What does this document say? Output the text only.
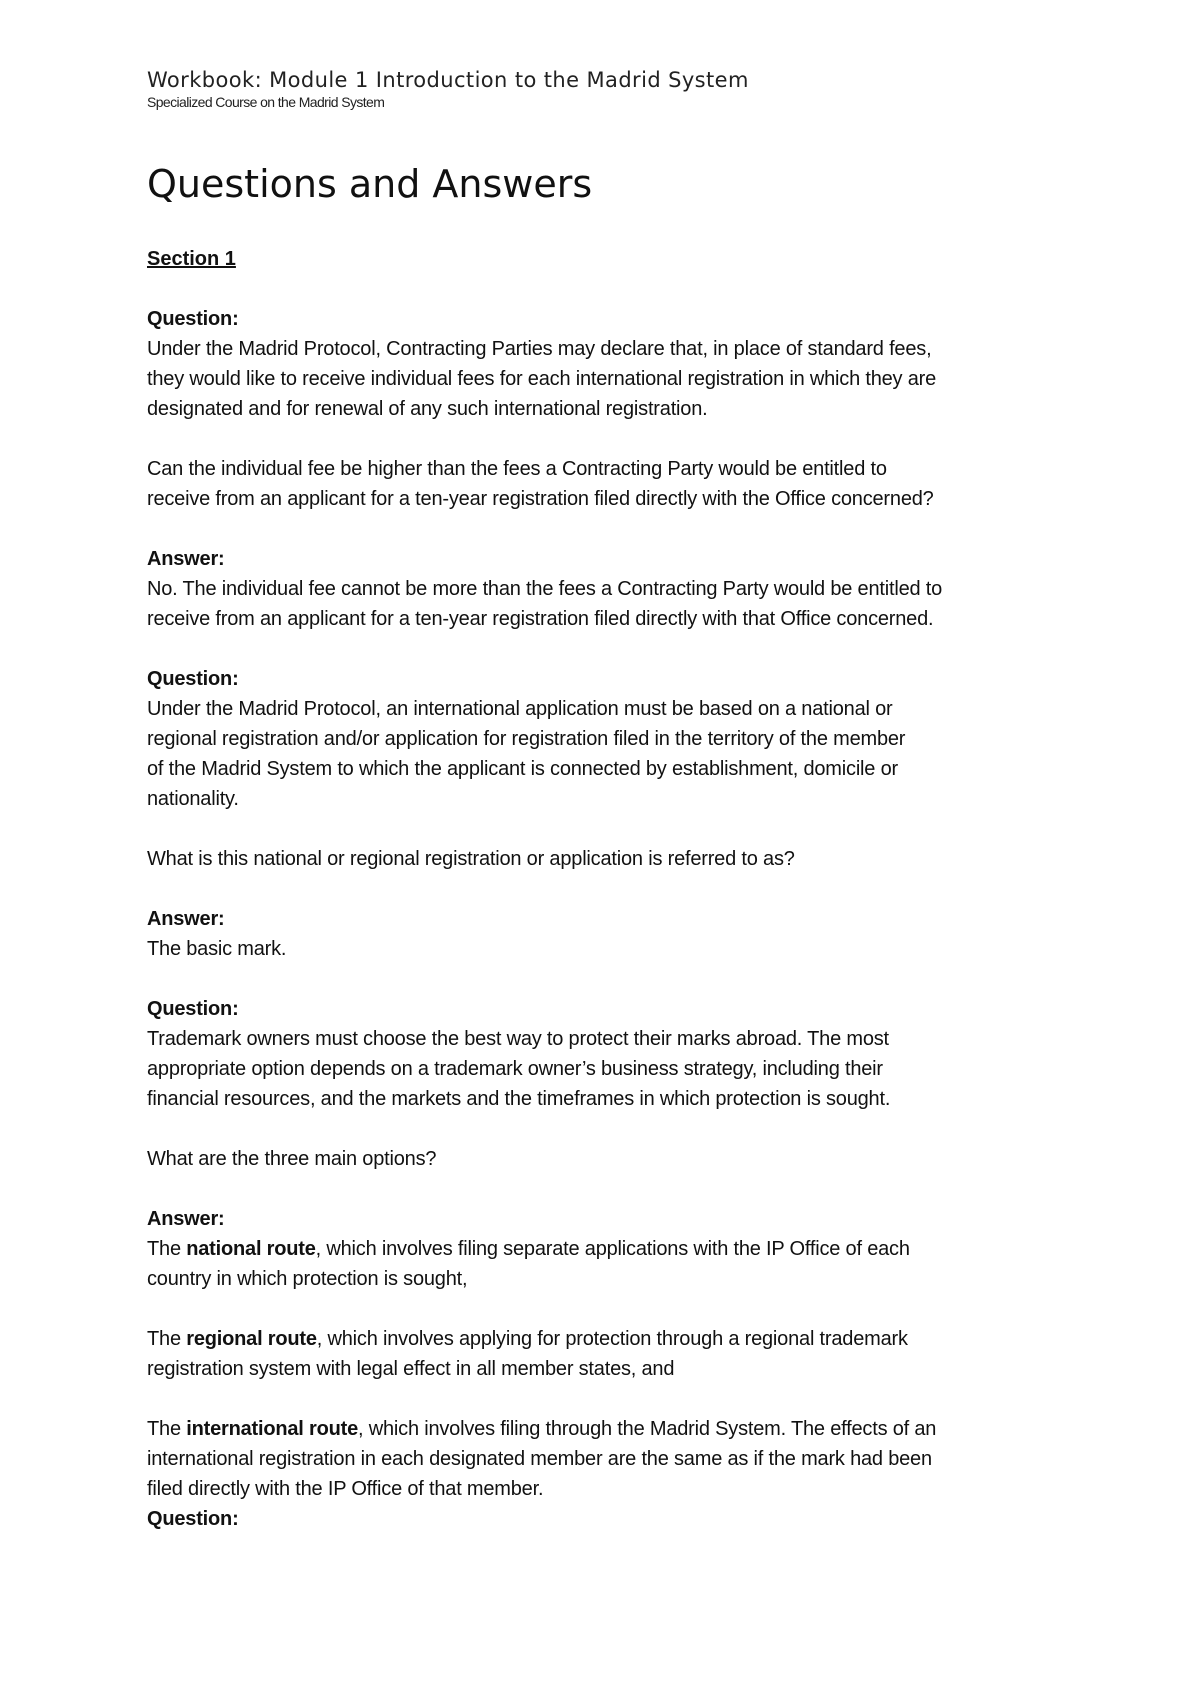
Workbook: Module 1 Introduction to the Madrid System

Specialized Course on the Madrid System

Questions and Answers
Section 1
Question:

Under the Madrid Protocol, Contracting Parties may declare that, in place of standard fees,
they would like to receive individual fees for each international registration in which they are
designated and for renewal of any such international registration.

Can the individual fee be higher than the fees a Contracting Party would be entitled to
receive from an applicant for a ten-year registration filed directly with the Office concerned?

Answer:

No. The individual fee cannot be more than the fees a Contracting Party would be entitled to
receive from an applicant for a ten-year registration filed directly with that Office concerned.

Question:

Under the Madrid Protocol, an international application must be based on a national or
regional registration and/or application for registration filed in the territory of the member
of the Madrid System to which the applicant is connected by establishment, domicile or
nationality.

What is this national or regional registration or application is referred to as?

Answer:

The basic mark.

Question:

Trademark owners must choose the best way to protect their marks abroad. The most
appropriate option depends on a trademark owner’s business strategy, including their
financial resources, and the markets and the timeframes in which protection is sought.

What are the three main options?

Answer:

The national route, which involves filing separate applications with the IP Office of each
country in which protection is sought,

The regional route, which involves applying for protection through a regional trademark
registration system with legal effect in all member states, and

The international route, which involves filing through the Madrid System. The effects of an
international registration in each designated member are the same as if the mark had been
filed directly with the IP Office of that member.

Question:
